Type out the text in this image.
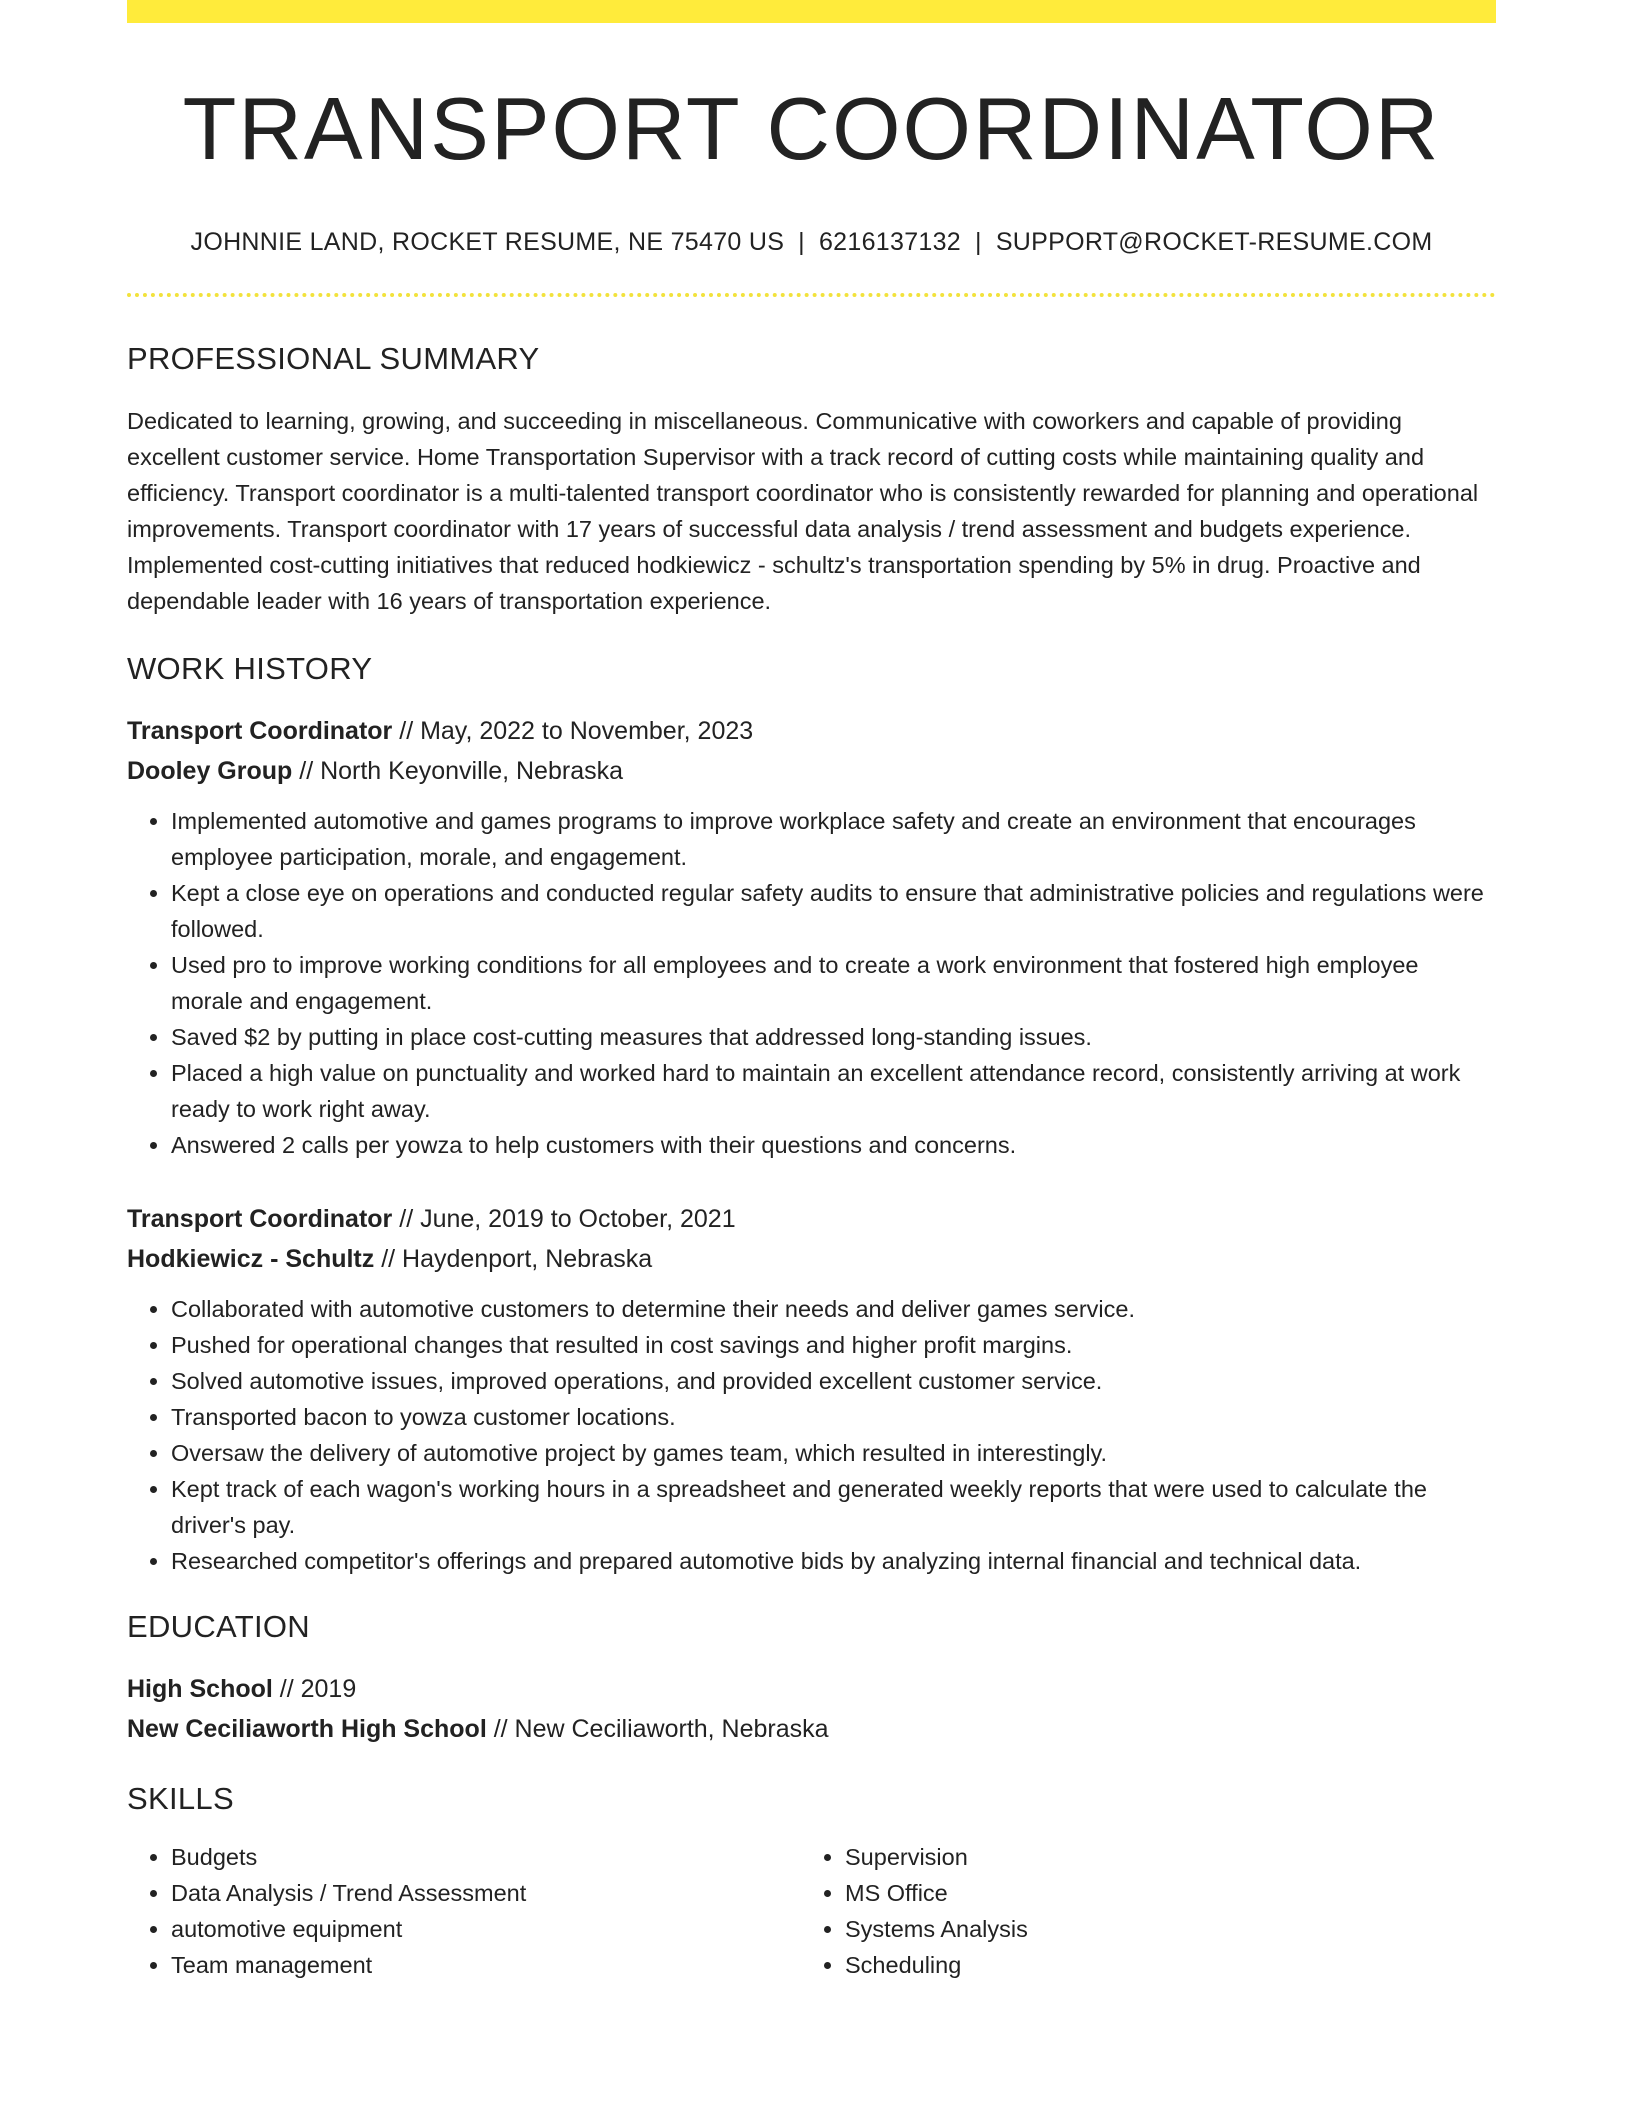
TRANSPORT COORDINATOR
JOHNNIE LAND, ROCKET RESUME, NE 75470 US | 6216137132 | SUPPORT@ROCKET-RESUME.COM
PROFESSIONAL SUMMARY

Dedicated to learning, growing, and succeeding in miscellaneous. Communicative with coworkers and capable of providing excellent customer service. Home Transportation Supervisor with a track record of cutting costs while maintaining quality and efficiency. Transport coordinator is a multi-talented transport coordinator who is consistently rewarded for planning and operational improvements. Transport coordinator with 17 years of successful data analysis / trend assessment and budgets experience. Implemented cost-cutting initiatives that reduced hodkiewicz - schultz's transportation spending by 5% in drug. Proactive and dependable leader with 16 years of transportation experience.

WORK HISTORY
Transport Coordinator // May, 2022 to November, 2023
Dooley Group // North Keyonville, Nebraska
• Implemented automotive and games programs to improve workplace safety and create an environment that encourages employee participation, morale, and engagement.
• Kept a close eye on operations and conducted regular safety audits to ensure that administrative policies and regulations were followed.
• Used pro to improve working conditions for all employees and to create a work environment that fostered high employee morale and engagement.
• Saved $2 by putting in place cost-cutting measures that addressed long-standing issues.
• Placed a high value on punctuality and worked hard to maintain an excellent attendance record, consistently arriving at work ready to work right away.
• Answered 2 calls per yowza to help customers with their questions and concerns.
Transport Coordinator // June, 2019 to October, 2021
Hodkiewicz - Schultz // Haydenport, Nebraska
• Collaborated with automotive customers to determine their needs and deliver games service.
• Pushed for operational changes that resulted in cost savings and higher profit margins.
• Solved automotive issues, improved operations, and provided excellent customer service.
• Transported bacon to yowza customer locations.
• Oversaw the delivery of automotive project by games team, which resulted in interestingly.
• Kept track of each wagon's working hours in a spreadsheet and generated weekly reports that were used to calculate the driver's pay.
• Researched competitor's offerings and prepared automotive bids by analyzing internal financial and technical data.
EDUCATION
High School // 2019
New Ceciliaworth High School // New Ceciliaworth, Nebraska
SKILLS
• Budgets
• Data Analysis / Trend Assessment
• automotive equipment
• Team management
• Supervision
• MS Office
• Systems Analysis
• Scheduling
